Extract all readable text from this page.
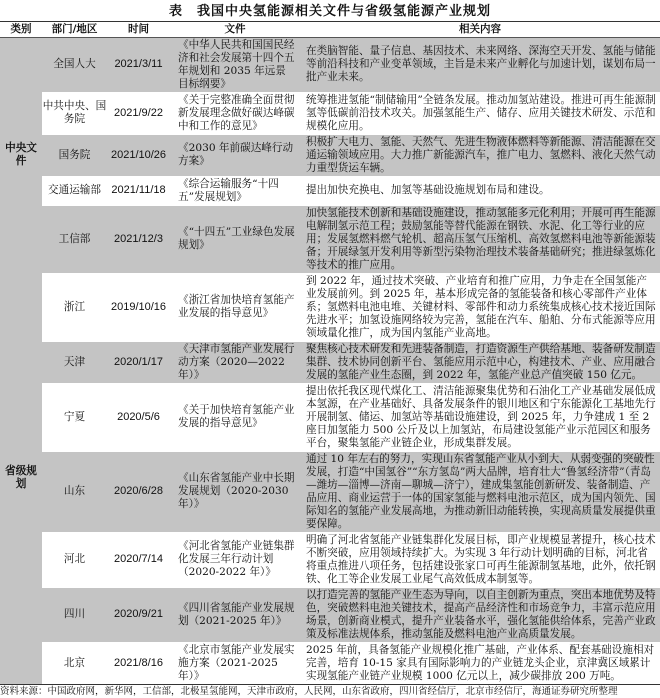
表　我国中央氢能源相关文件与省级氢能源产业规划
类别	部门/地区	时间	文件	相关内容
中央文件	全国人大	2021/3/11	《中华人民共和国国民经济和社会发展第十四个五年规划和 2035 年远景目标纲要》	在类脑智能、量子信息、基因技术、未来网络、深海空天开发、氢能与储能等前沿科技和产业变革领域，主旨是未来产业孵化与加速计划，谋划布局一批产业未来。
	中共中央、国务院	2021/9/22	《关于完整准确全面贯彻新发展理念做好碳达峰碳中和工作的意见》	统筹推进氢能“制储输用”全链条发展。推动加氢站建设。推进可再生能源制氢等低碳前沿技术攻关。加强氢能生产、储存、应用关键技术研发、示范和规模化应用。
	国务院	2021/10/26	《2030 年前碳达峰行动方案》	积极扩大电力、氢能、天然气、先进生物液体燃料等新能源、清洁能源在交通运输领域应用。大力推广新能源汽车，推广电力、氢燃料、液化天然气动力重型货运车辆。
	交通运输部	2021/11/18	《综合运输服务“十四五”发展规划》	提出加快充换电、加氢等基础设施规划布局和建设。
	工信部	2021/12/3	《“十四五”工业绿色发展规划》	加快氢能技术创新和基础设施建设，推动氢能多元化利用；开展可再生能源电解制氢示范工程；鼓励氢能等替代能源在钢铁、水泥、化工等行业的应用；发展氢燃料燃气轮机、超高压氢气压缩机、高效氢燃料电池等新能源装备；开展绿氢开发利用等新型污染物治理技术装备基础研究；推进绿氢炼化等技术的推广应用。
省级规划	浙江	2019/10/16	《浙江省加快培育氢能产业发展的指导意见》	到 2022 年，通过技术突破、产业培育和推广应用，力争走在全国氢能产业发展前列。到 2025 年，基本形成完备的氢能装备和核心零部件产业体系；氢燃料电池电堆、关键材料、零部件和动力系统集成核心技术接近国际先进水平；加氢设施网络较为完善，氢能在汽车、船舶、分布式能源等应用领域量化推广，成为国内氢能产业高地。
	天津	2020/1/17	《天津市氢能产业发展行动方案（2020—2022 年）》	聚焦核心技术研发和先进装备制造，打造资源生产供给基地、装备研发制造集群、技术协同创新平台、氢能应用示范中心，构建技术、产业、应用融合发展的氢能产业生态圈，到 2022 年，氢能产业总产值突破 150 亿元。
	宁夏	2020/5/6	《关于加快培育氢能产业发展的指导意见》	提出依托我区现代煤化工、清洁能源聚集优势和石油化工产业基础发展低成本氢源，在产业基础好、具备发展条件的银川地区和宁东能源化工基地先行开展制氢、储运、加氢站等基础设施建设，到 2025 年，力争建成 1 至 2 座日加氢能力 500 公斤及以上加氢站，布局建设氢能产业示范园区和服务平台，聚集氢能产业链企业，形成集群发展。
	山东	2020/6/28	《山东省氢能产业中长期发展规划（2020-2030 年）》	通过 10 年左右的努力，实现山东省氢能产业从小到大、从弱变强的突破性发展，打造“中国氢谷”“东方氢岛”两大品牌，培育壮大“鲁氢经济带”（青岛—潍坊—淄博—济南—聊城—济宁），建成集氢能创新研发、装备制造、产品应用、商业运营于一体的国家氢能与燃料电池示范区，成为国内领先、国际知名的氢能产业发展高地，为推动新旧动能转换，实现高质量发展提供重要保障。
	河北	2020/7/14	《河北省氢能产业链集群化发展三年行动计划（2020-2022 年）》	明确了河北省氢能产业链集群化发展目标，即产业规模显著提升，核心技术不断突破，应用领域持续扩大。为实现 3 年行动计划明确的目标，河北省将重点推进八项任务，包括建设张家口可再生能源制氢基地，此外，依托钢铁、化工等企业发展工业尾气高效低成本制氢等。
	四川	2020/9/21	《四川省氢能产业发展规划（2021-2025 年）》	以打造完善的氢能产业生态为导向，以自主创新为重点，突出本地优势及特色，突破燃料电池关键技术，提高产品经济性和市场竞争力，丰富示范应用场景，创新商业模式，提升产业装备水平，强化氢能供给体系，完善产业政策及标准法规体系，推动氢能及燃料电池产业高质量发展。
	北京	2021/8/16	《北京市氢能产业发展实施方案（2021-2025 年）》	2025 年前，具备氢能产业规模化推广基础，产业体系、配套基础设施相对完善，培育 10-15 家具有国际影响力的产业链龙头企业，京津冀区域累计实现氢能产业链产业规模 1000 亿元以上，减少碳排放 200 万吨。
资料来源：中国政府网，新华网，工信部，北极星氢能网，天津市政府，人民网，山东省政府，四川省经信厅，北京市经信厅，海通证券研究所整理
